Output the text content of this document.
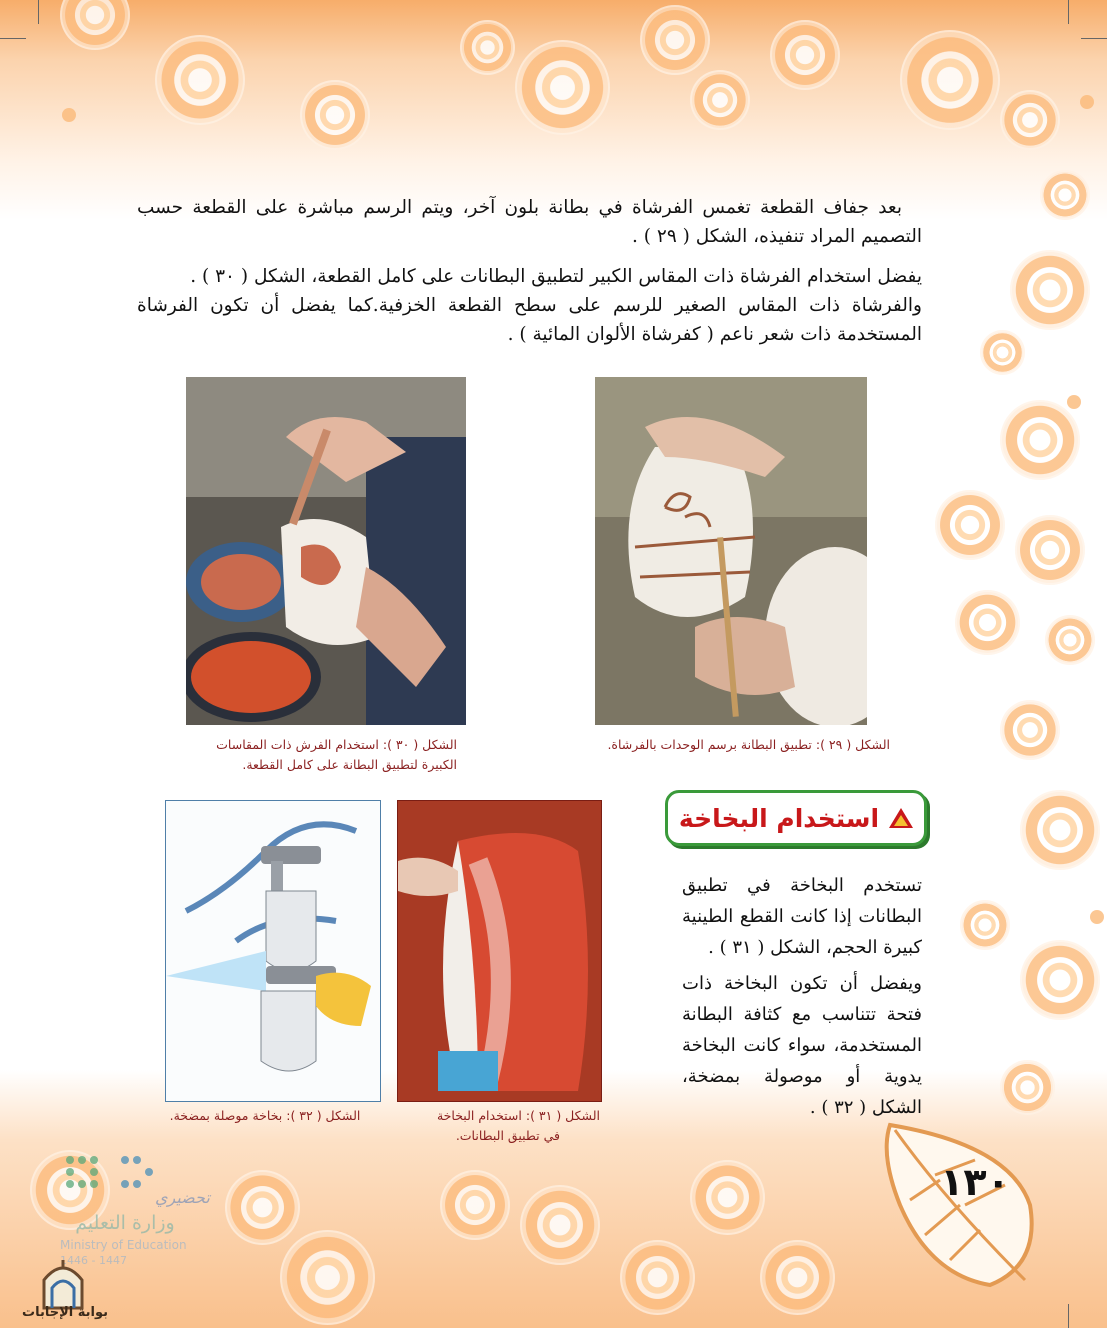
بعد جفاف القطعة تغمس الفرشاة في بطانة بلون آخر، ويتم الرسم مباشرة على القطعة حسب التصميم المراد تنفيذه، الشكل ( ٢٩ ) .

يفضل استخدام الفرشاة ذات المقاس الكبير لتطبيق البطانات على كامل القطعة، الشكل ( ٣٠ ) .

والفرشاة ذات المقاس الصغير للرسم على سطح القطعة الخزفية.كما يفضل أن تكون الفرشاة المستخدمة ذات شعر ناعم ( كفرشاة الألوان المائية ) .

الشكل ( ٣٠ ): استخدام الفرش ذات المقاسات
الكبيرة لتطبيق البطانة على كامل القطعة.
الشكل ( ٢٩ ): تطبيق البطانة برسم الوحدات بالفرشاة.
استخدام البخاخة

تستخدم البخاخة في تطبيق البطانات إذا كانت القطع الطينية كبيرة الحجم، الشكل ( ٣١ ) .

ويفضل أن تكون البخاخة ذات فتحة تتناسب مع كثافة البطانة المستخدمة، سواء كانت البخاخة يدوية أو موصولة بمضخة، الشكل ( ٣٢ ) .

الشكل ( ٣٢ ): بخاخة موصلة بمضخة.	الشكل ( ٣١ ): استخدام البخاخة
في تطبيق البطانات.
١٣٠
تحضيري
وزارة التعليم
Ministry of Education
1446 - 1447
بوابة الإجابات
